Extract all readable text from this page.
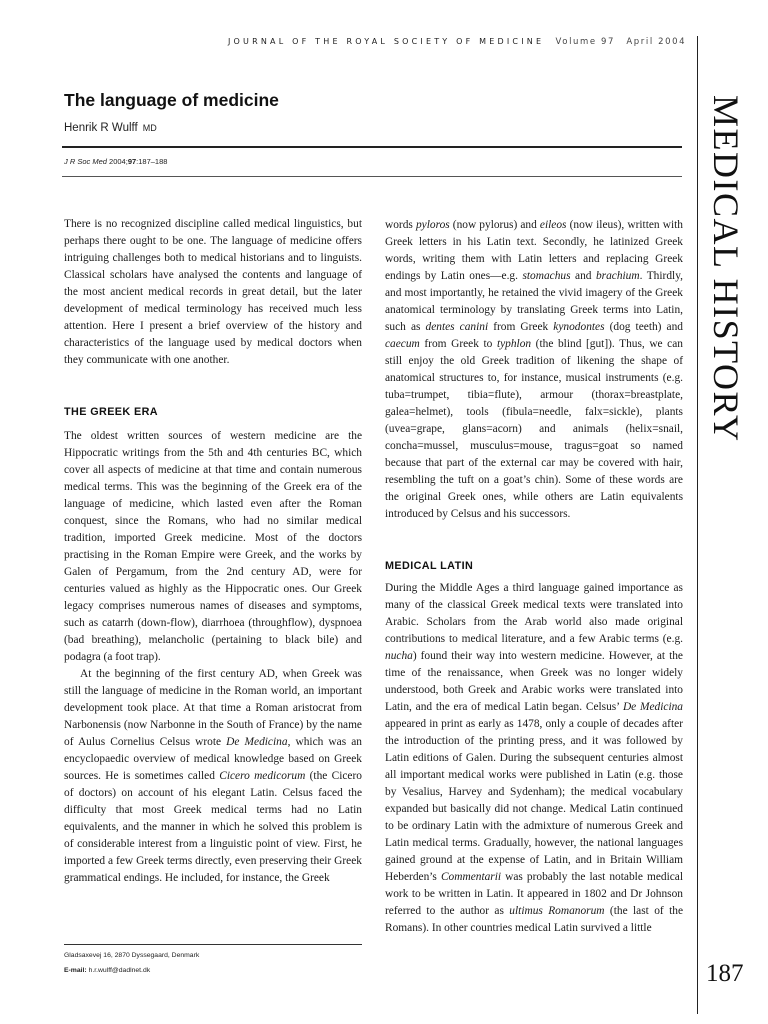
JOURNAL OF THE ROYAL SOCIETY OF MEDICINE Volume 97 April 2004
MEDICAL HISTORY
187
The language of medicine
Henrik R Wulff MD
J R Soc Med 2004;97:187–188

There is no recognized discipline called medical linguistics, but perhaps there ought to be one. The language of medicine offers intriguing challenges both to medical historians and to linguists. Classical scholars have analysed the contents and language of the most ancient medical records in great detail, but the later development of medical terminology has received much less attention. Here I present a brief overview of the history and characteristics of the language used by medical doctors when they communicate with one another.

THE GREEK ERA

The oldest written sources of western medicine are the Hippocratic writings from the 5th and 4th centuries BC, which cover all aspects of medicine at that time and contain numerous medical terms. This was the beginning of the Greek era of the language of medicine, which lasted even after the Roman conquest, since the Romans, who had no similar medical tradition, imported Greek medicine. Most of the doctors practising in the Roman Empire were Greek, and the works by Galen of Pergamum, from the 2nd century AD, were for centuries valued as highly as the Hippocratic ones. Our Greek legacy comprises numerous names of diseases and symptoms, such as catarrh (down-flow), diarrhoea (throughflow), dyspnoea (bad breathing), melancholic (pertaining to black bile) and podagra (a foot trap).

At the beginning of the first century AD, when Greek was still the language of medicine in the Roman world, an important development took place. At that time a Roman aristocrat from Narbonensis (now Narbonne in the South of France) by the name of Aulus Cornelius Celsus wrote De Medicina, which was an encyclopaedic overview of medical knowledge based on Greek sources. He is sometimes called Cicero medicorum (the Cicero of doctors) on account of his elegant Latin. Celsus faced the difficulty that most Greek medical terms had no Latin equivalents, and the manner in which he solved this problem is of considerable interest from a linguistic point of view. First, he imported a few Greek terms directly, even preserving their Greek grammatical endings. He included, for instance, the Greek

words pyloros (now pylorus) and eileos (now ileus), written with Greek letters in his Latin text. Secondly, he latinized Greek words, writing them with Latin letters and replacing Greek endings by Latin ones—e.g. stomachus and brachium. Thirdly, and most importantly, he retained the vivid imagery of the Greek anatomical terminology by translating Greek terms into Latin, such as dentes canini from Greek kynodontes (dog teeth) and caecum from Greek to typhlon (the blind [gut]). Thus, we can still enjoy the old Greek tradition of likening the shape of anatomical structures to, for instance, musical instruments (e.g. tuba=trumpet, tibia=flute), armour (thorax=breastplate, galea=helmet), tools (fibula=needle, falx=sickle), plants (uvea=grape, glans=acorn) and animals (helix=snail, concha=mussel, musculus=mouse, tragus=goat so named because that part of the external car may be covered with hair, resembling the tuft on a goat’s chin). Some of these words are the original Greek ones, while others are Latin equivalents introduced by Celsus and his successors.

MEDICAL LATIN

During the Middle Ages a third language gained importance as many of the classical Greek medical texts were translated into Arabic. Scholars from the Arab world also made original contributions to medical literature, and a few Arabic terms (e.g. nucha) found their way into western medicine. However, at the time of the renaissance, when Greek was no longer widely understood, both Greek and Arabic works were translated into Latin, and the era of medical Latin began. Celsus’ De Medicina appeared in print as early as 1478, only a couple of decades after the introduction of the printing press, and it was followed by Latin editions of Galen. During the subsequent centuries almost all important medical works were published in Latin (e.g. those by Vesalius, Harvey and Sydenham); the medical vocabulary expanded but basically did not change. Medical Latin continued to be ordinary Latin with the admixture of numerous Greek and Latin medical terms. Gradually, however, the national languages gained ground at the expense of Latin, and in Britain William Heberden’s Commentarii was probably the last notable medical work to be written in Latin. It appeared in 1802 and Dr Johnson referred to the author as ultimus Romanorum (the last of the Romans). In other countries medical Latin survived a little

Gladsaxevej 16, 2870 Dyssegaard, Denmark
E-mail: h.r.wulff@dadlnet.dk
